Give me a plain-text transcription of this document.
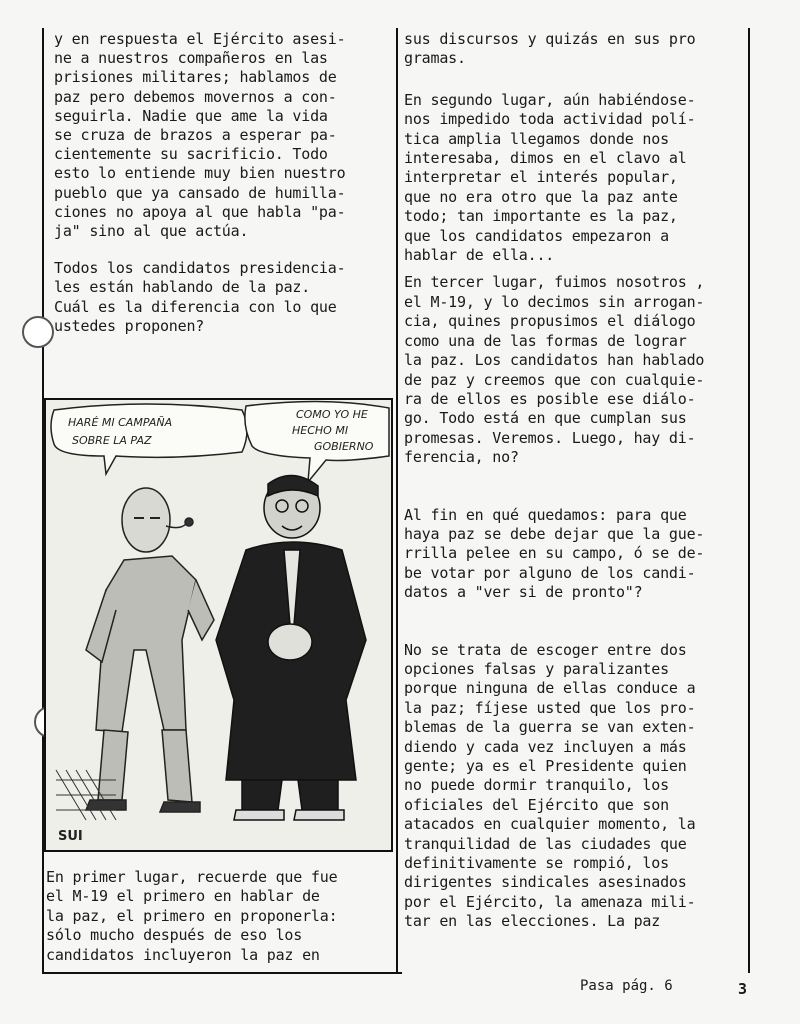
y en respuesta el Ejército asesi-
ne a nuestros compañeros en las
prisiones militares; hablamos de
paz pero debemos movernos a con-
seguirla. Nadie que ame la vida
se cruza de brazos a esperar pa-
cientemente su sacrificio. Todo
esto lo entiende muy bien nuestro
pueblo que ya cansado de humilla-
ciones no apoya al que habla "pa-
ja" sino al que actúa.

Todos los candidatos presidencia-
les están hablando de la paz.
Cuál es la diferencia con lo que
ustedes proponen?

HARÉ MI CAMPAÑA
SOBRE LA PAZ
COMO YO HE
HECHO MI
GOBIERNO
SUI

En primer lugar, recuerde que fue
el M-19 el primero en hablar de
la paz, el primero en proponerla:
sólo mucho después de eso los
candidatos incluyeron la paz en

sus discursos y quizás en sus pro
gramas.

En segundo lugar, aún habiéndose-
nos impedido toda actividad polí-
tica amplia llegamos donde nos
interesaba, dimos en el clavo al
interpretar el interés popular,
que no era otro que la paz ante
todo; tan importante es la paz,
que los candidatos empezaron a
hablar de ella...

En tercer lugar, fuimos nosotros ,
el M-19, y lo decimos sin arrogan-
cia, quines propusimos el diálogo
como una de las formas de lograr
la paz. Los candidatos han hablado
de paz y creemos que con cualquie-
ra de ellos es posible ese diálo-
go. Todo está en que cumplan sus
promesas. Veremos. Luego, hay di-
ferencia, no?

Al fin en qué quedamos: para que
haya paz se debe dejar que la gue-
rrilla pelee en su campo, ó se de-
be votar por alguno de los candi-
datos a "ver si de pronto"?

No se trata de escoger entre dos
opciones falsas y paralizantes
porque ninguna de ellas conduce a
la paz; fíjese usted que los pro-
blemas de la guerra se van exten-
diendo y cada vez incluyen a más
gente; ya es el Presidente quien
no puede dormir tranquilo, los
oficiales del Ejército que son
atacados en cualquier momento, la
tranquilidad de las ciudades que
definitivamente se rompió, los
dirigentes sindicales asesinados
por el Ejército, la amenaza mili-
tar en las elecciones. La paz

Pasa pág. 6	3
